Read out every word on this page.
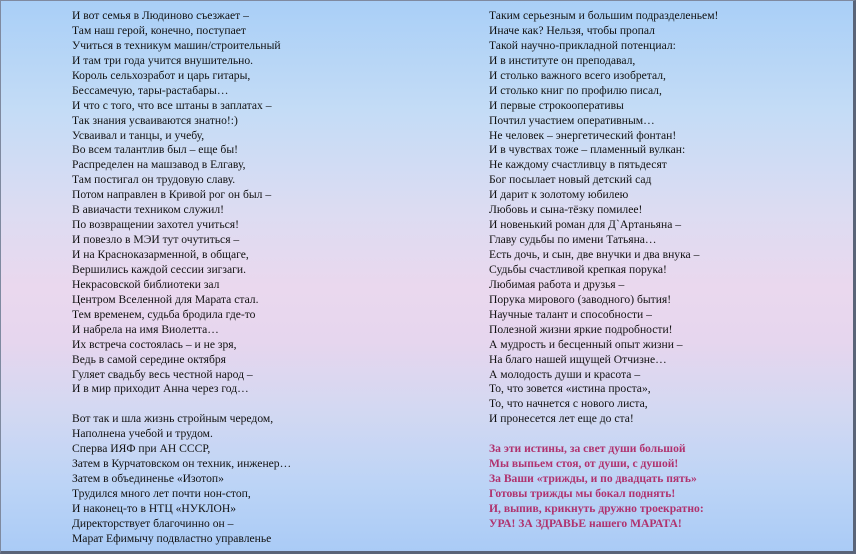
И вот семья в Людиново съезжает –
Там наш герой, конечно, поступает
Учиться в техникум машин/строительный
И там три года учится внушительно.
Король сельхозработ и царь гитары,
Бессамечую, тары-растабары…
И что с того, что все штаны в заплатах –
Так знания усваиваются знатно!:)
Усваивал и танцы, и учебу,
Во всем талантлив был – еще бы!
Распределен на машзавод в Елгаву,
Там постигал он трудовую славу.
Потом направлен в Кривой рог он был –
В авиачасти техником служил!
По возвращении захотел учиться!
И повезло в МЭИ тут очутиться –
И на Красноказарменной, в общаге,
Вершились каждой сессии зигзаги.
Некрасовской библиотеки зал
Центром Вселенной для Марата стал.
Тем временем, судьба бродила где-то
И набрела на имя Виолетта…
Их встреча состоялась – и не зря,
Ведь в самой середине октября
Гуляет свадьбу весь честной народ –
И в мир приходит Анна через год…
Вот так и шла жизнь стройным чередом,
Наполнена учебой и трудом.
Сперва ИЯФ при АН СССР,
Затем в Курчатовском он техник, инженер…
Затем в объединенье «Изотоп»
Трудился много лет почти нон-стоп,
И наконец-то в НТЦ «НУКЛОН»
Директорствует благочинно он –
Марат Ефимычу подвластно управленье
Таким серьезным и большим подразделеньем!
Иначе как? Нельзя, чтобы пропал
Такой научно-прикладной потенциал:
И в институте он преподавал,
И столько важного всего изобретал,
И столько книг по профилю писал,
И первые строкооперативы
Почтил участием оперативным…
Не человек – энергетический фонтан!
И в чувствах тоже – пламенный вулкан:
Не каждому счастливцу в пятьдесят
Бог посылает новый детский сад
И дарит к золотому юбилею
Любовь и сына-тёзку помилее!
И новенький роман для Д`Артаньяна –
Главу судьбы по имени Татьяна…
Есть дочь, и сын, две внучки и два внука –
Судьбы счастливой крепкая порука!
Любимая работа и друзья –
Порука мирового (заводного) бытия!
Научные талант и способности –
Полезной жизни яркие подробности!
А мудрость и бесценный опыт жизни –
На благо нашей ищущей Отчизне…
А молодость души и красота –
То, что зовется «истина проста»,
То, что начнется с нового листа,
И пронесется лет еще до ста!
За эти истины, за свет души большой
Мы выпьем стоя, от души, с душой!
За Ваши «трижды, и по двадцать пять»
Готовы трижды мы бокал поднять!
И, выпив, крикнуть дружно троекратно:
УРА! ЗА ЗДРАВЬЕ нашего МАРАТА!
